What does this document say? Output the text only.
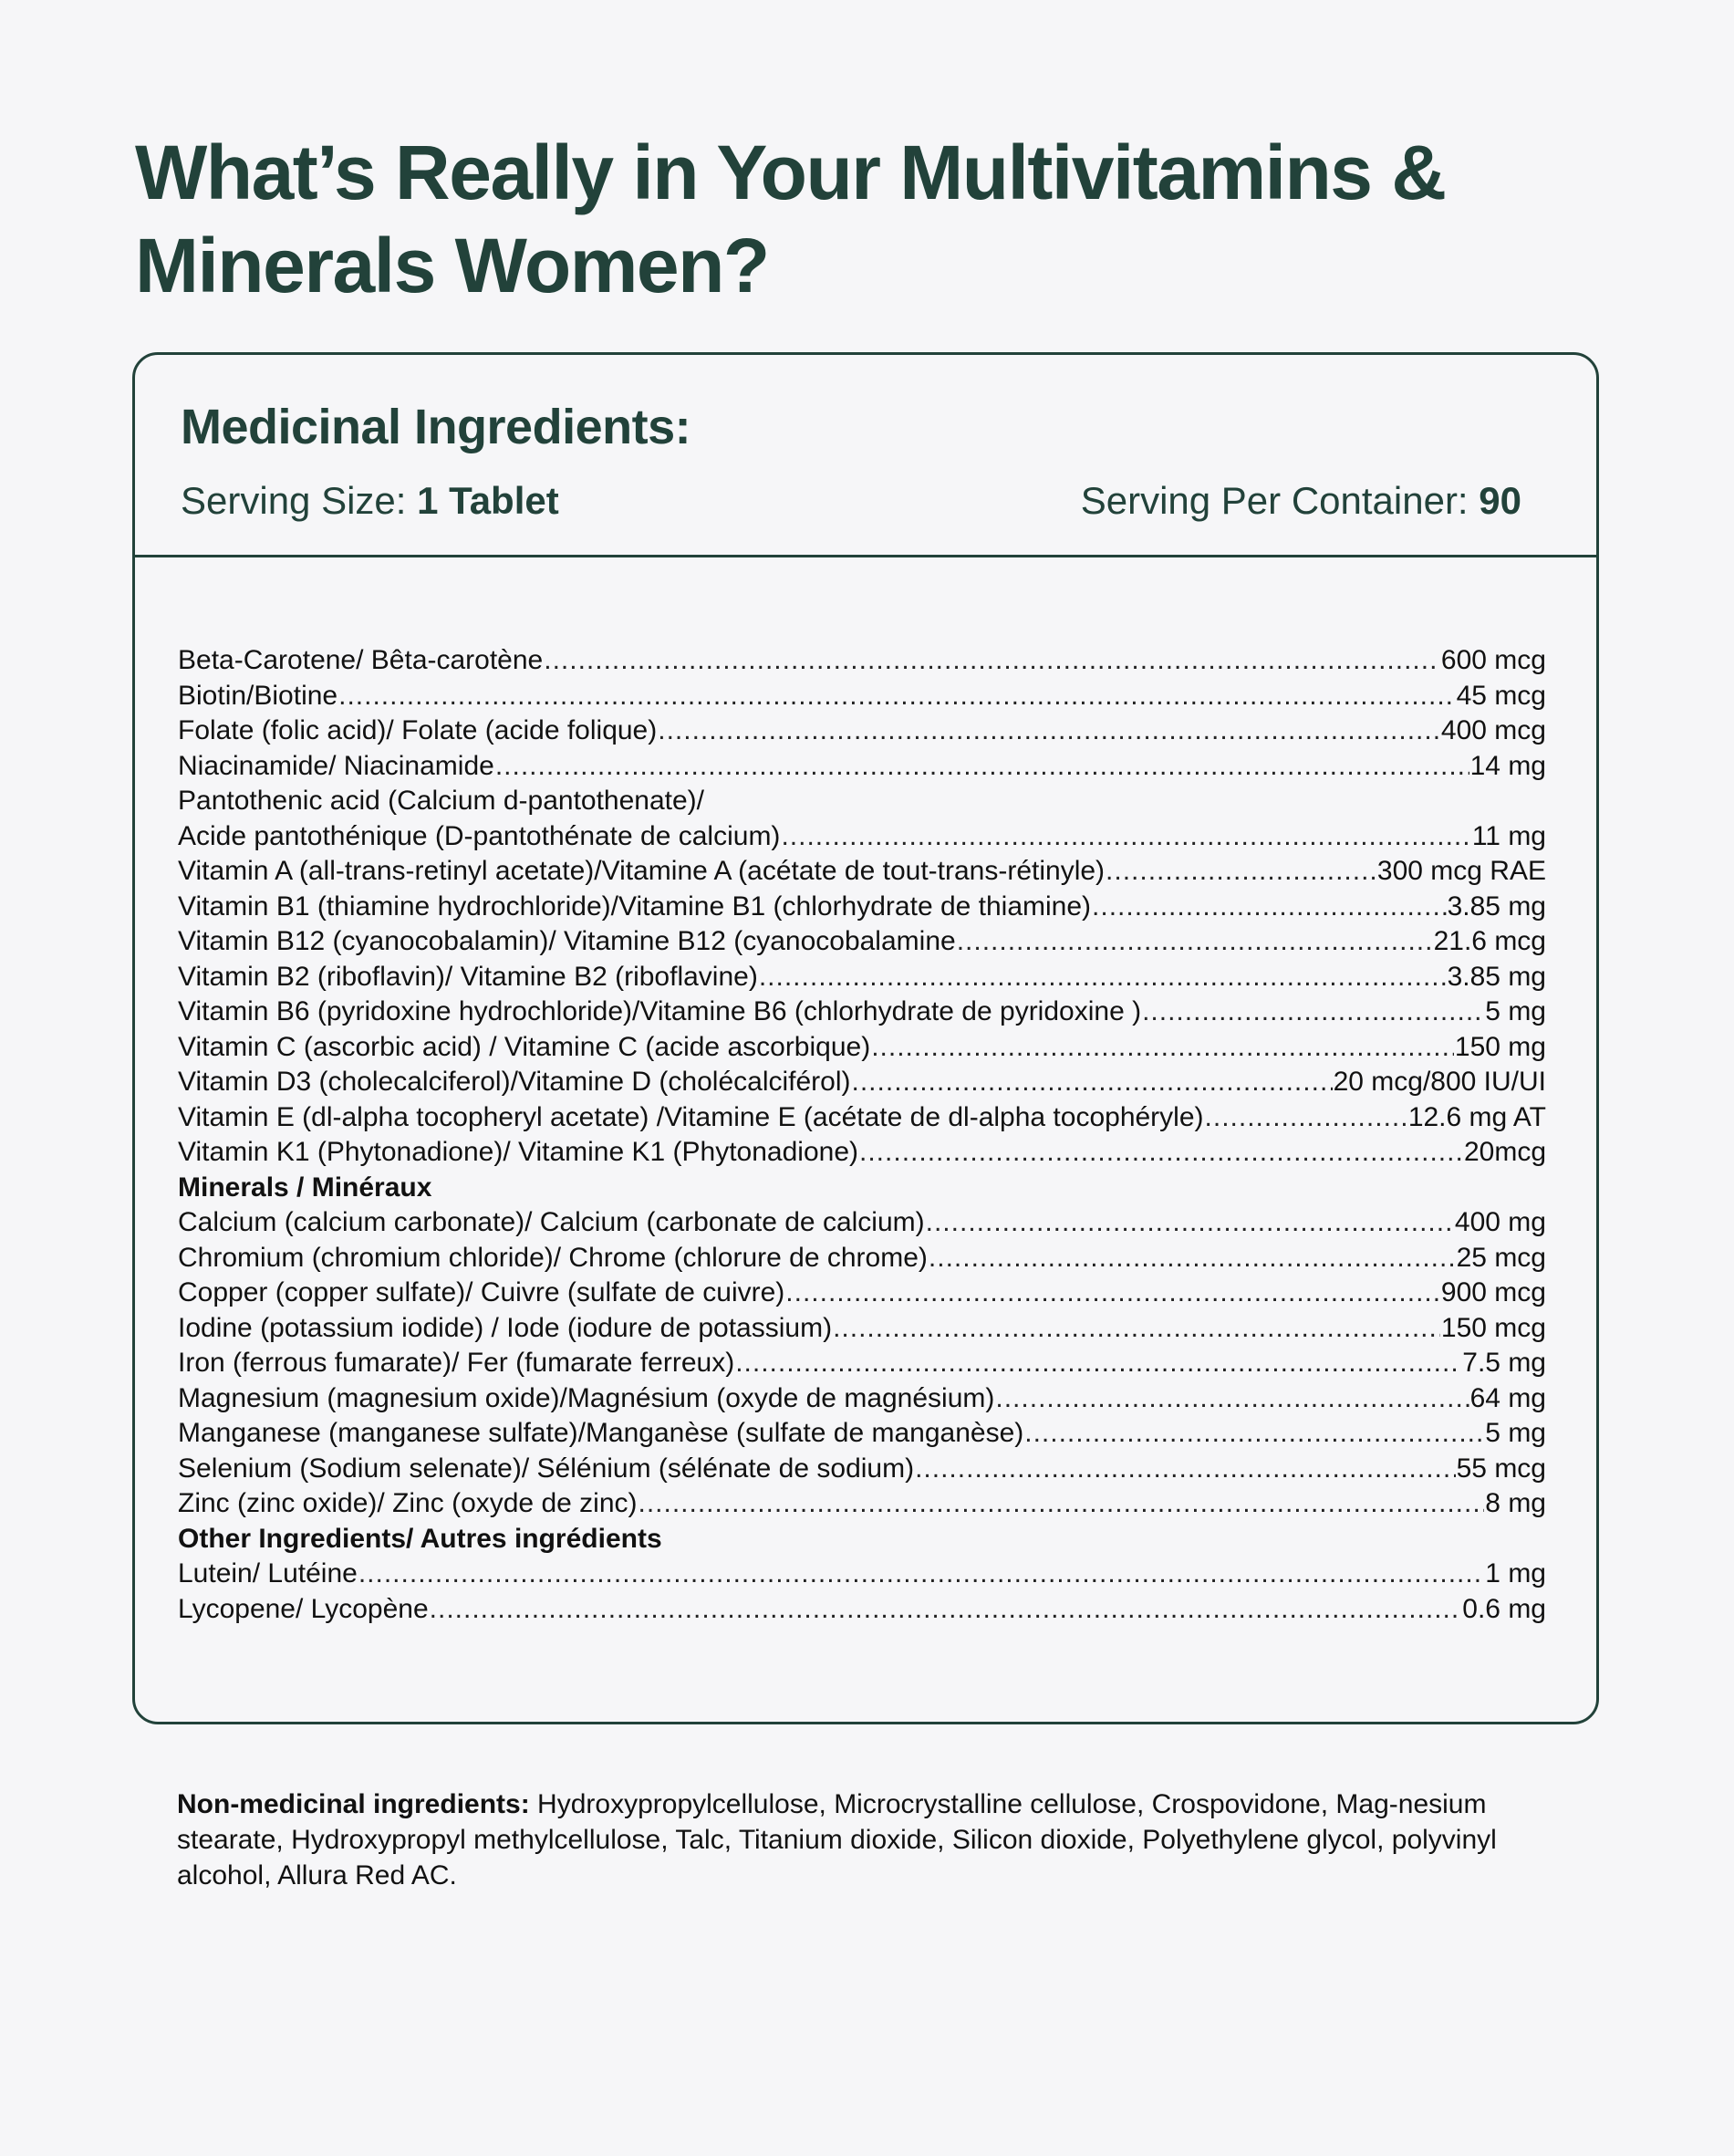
What’s Really in Your Multivitamins & Minerals Women?
Medicinal Ingredients:
Serving Size: 1 Tablet	Serving Per Container: 90
Beta-Carotene/ Bêta-carotène .....	600 mcg
Biotin/Biotine .....	45 mcg
Folate (folic acid)/ Folate (acide folique) .....	400 mcg
Niacinamide/ Niacinamide .....	14 mg
Pantothenic acid (Calcium d-pantothenate)/
Acide pantothénique (D-pantothénate de calcium) .....	11 mg
Vitamin A (all-trans-retinyl acetate)/Vitamine A (acétate de tout-trans-rétinyle) .....	300 mcg RAE
Vitamin B1 (thiamine hydrochloride)/Vitamine B1 (chlorhydrate de thiamine) .....	3.85 mg
Vitamin B12 (cyanocobalamin)/ Vitamine B12 (cyanocobalamine .....	21.6 mcg
Vitamin B2 (riboflavin)/ Vitamine B2 (riboflavine) .....	3.85 mg
Vitamin B6 (pyridoxine hydrochloride)/Vitamine B6 (chlorhydrate de pyridoxine ) .....	5 mg
Vitamin C (ascorbic acid) / Vitamine C (acide ascorbique) .....	150 mg
Vitamin D3 (cholecalciferol)/Vitamine D (cholécalciférol) .....	20 mcg/800 IU/UI
Vitamin E (dl-alpha tocopheryl acetate) /Vitamine E (acétate de dl-alpha tocophéryle) .....	12.6 mg AT
Vitamin K1 (Phytonadione)/ Vitamine K1 (Phytonadione) .....	20mcg
Minerals / Minéraux
Calcium (calcium carbonate)/ Calcium (carbonate de calcium) .....	400 mg
Chromium (chromium chloride)/ Chrome (chlorure de chrome) .....	25 mcg
Copper (copper sulfate)/ Cuivre (sulfate de cuivre) .....	900 mcg
Iodine (potassium iodide) / Iode (iodure de potassium) .....	150 mcg
Iron (ferrous fumarate)/ Fer (fumarate ferreux) .....	7.5 mg
Magnesium (magnesium oxide)/Magnésium (oxyde de magnésium) .....	64 mg
Manganese (manganese sulfate)/Manganèse (sulfate de manganèse) .....	5 mg
Selenium (Sodium selenate)/ Sélénium (sélénate de sodium) .....	55 mcg
Zinc (zinc oxide)/ Zinc (oxyde de zinc) .....	8 mg
Other Ingredients/ Autres ingrédients
Lutein/ Lutéine .....	1 mg
Lycopene/ Lycopène .....	0.6 mg

Non-medicinal ingredients: Hydroxypropylcellulose, Microcrystalline cellulose, Crospovidone, Mag-nesium stearate, Hydroxypropyl methylcellulose, Talc, Titanium dioxide, Silicon dioxide, Polyethylene glycol, polyvinyl alcohol, Allura Red AC.
